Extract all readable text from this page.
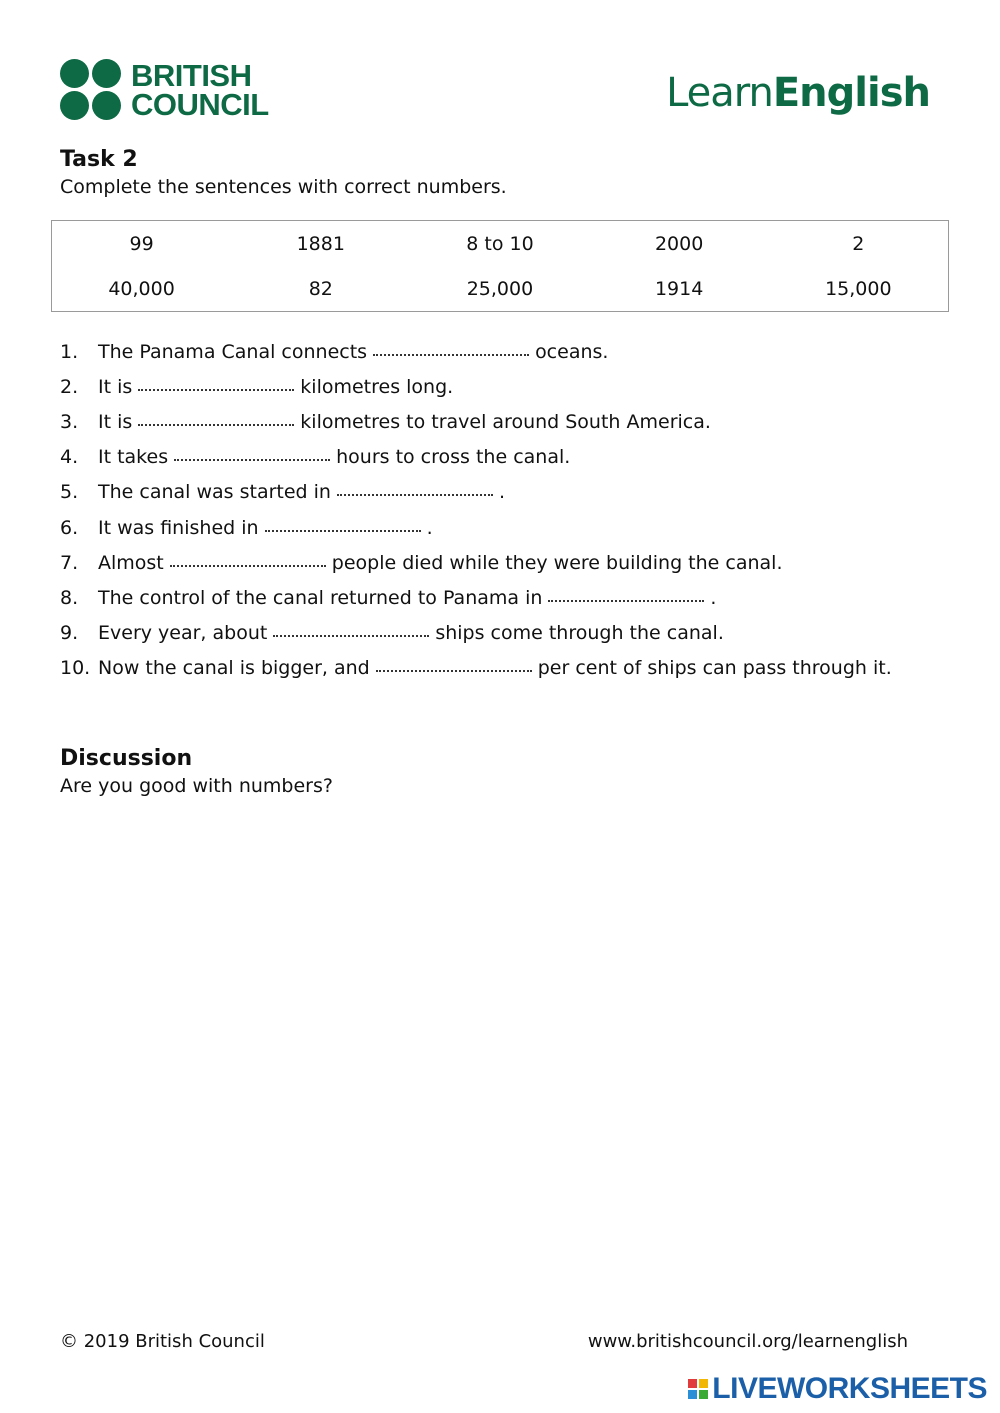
BRITISH
COUNCIL	LearnEnglish
Task 2
Complete the sentences with correct numbers.
99	1881	8 to 10	2000	2
40,000	82	25,000	1914	15,000
1.	The Panama Canal connects	oceans.
2.	It is	kilometres long.
3.	It is	kilometres to travel around South America.
4.	It takes	hours to cross the canal.
5.	The canal was started in	.
6.	It was finished in	.
7.	Almost	people died while they were building the canal.
8.	The control of the canal returned to Panama in	.
9.	Every year, about	ships come through the canal.
10. Now the canal is bigger, and	per cent of ships can pass through it.
Discussion
Are you good with numbers?
© 2019 British Council	www.britishcouncil.org/learnenglish
LIVEWORKSHEETS
